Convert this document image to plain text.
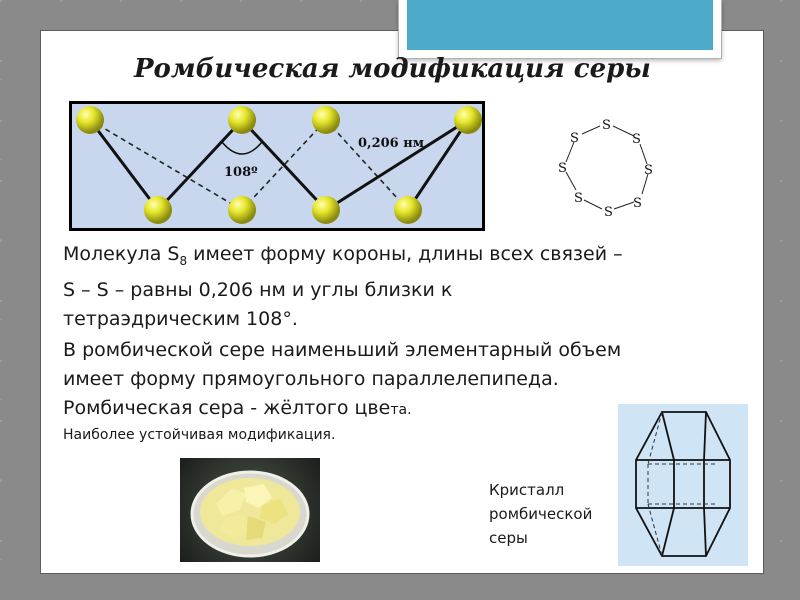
Ромбическая модификация серы
108º
0,206 нм
S
S
S
S
S
S
S
S
Молекула $S_8$ имеет форму короны, длины всех связей –
S – S – равны 0,206 нм и углы близки к
тетраэдрическим 108°.
В ромбической сере наименьший элементарный объем
имеет форму прямоугольного параллелепипеда.
Ромбическая сера - жёлтого цвета.
Наиболее устойчивая модификация.
Кристалл
ромбической
серы
